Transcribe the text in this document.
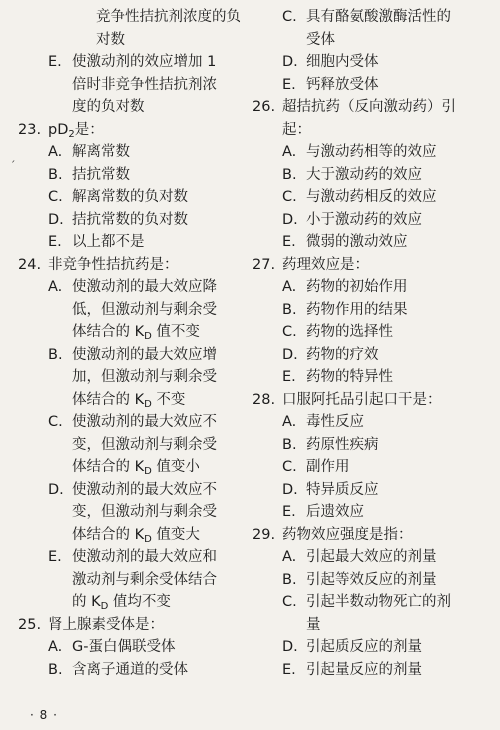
ˏ
竞争性拮抗剂浓度的负
对数
E. 使激动剂的效应增加 1
倍时非竞争性拮抗剂浓
度的负对数
23. $pD_2$是：
A. 解离常数
B. 拮抗常数
C. 解离常数的负对数
D. 拮抗常数的负对数
E. 以上都不是
24. 非竞争性拮抗药是：
A. 使激动剂的最大效应降
低，但激动剂与剩余受
体结合的 $K_D$ 值不变
B. 使激动剂的最大效应增
加，但激动剂与剩余受
体结合的 $K_D$ 不变
C. 使激动剂的最大效应不
变，但激动剂与剩余受
体结合的 $K_D$ 值变小
D. 使激动剂的最大效应不
变，但激动剂与剩余受
体结合的 $K_D$ 值变大
E. 使激动剂的最大效应和
激动剂与剩余受体结合
的 $K_D$ 值均不变
25. 肾上腺素受体是：
A. G-蛋白偶联受体
B. 含离子通道的受体
C. 具有酪氨酸激酶活性的
受体
D. 细胞内受体
E. 钙释放受体
26. 超拮抗药（反向激动药）引
起：
A. 与激动药相等的效应
B. 大于激动药的效应
C. 与激动药相反的效应
D. 小于激动药的效应
E. 微弱的激动效应
27. 药理效应是：
A. 药物的初始作用
B. 药物作用的结果
C. 药物的选择性
D. 药物的疗效
E. 药物的特异性
28. 口服阿托品引起口干是：
A. 毒性反应
B. 药原性疾病
C. 副作用
D. 特异质反应
E. 后遗效应
29. 药物效应强度是指：
A. 引起最大效应的剂量
B. 引起等效反应的剂量
C. 引起半数动物死亡的剂
量
D. 引起质反应的剂量
E. 引起量反应的剂量
· 8 ·
